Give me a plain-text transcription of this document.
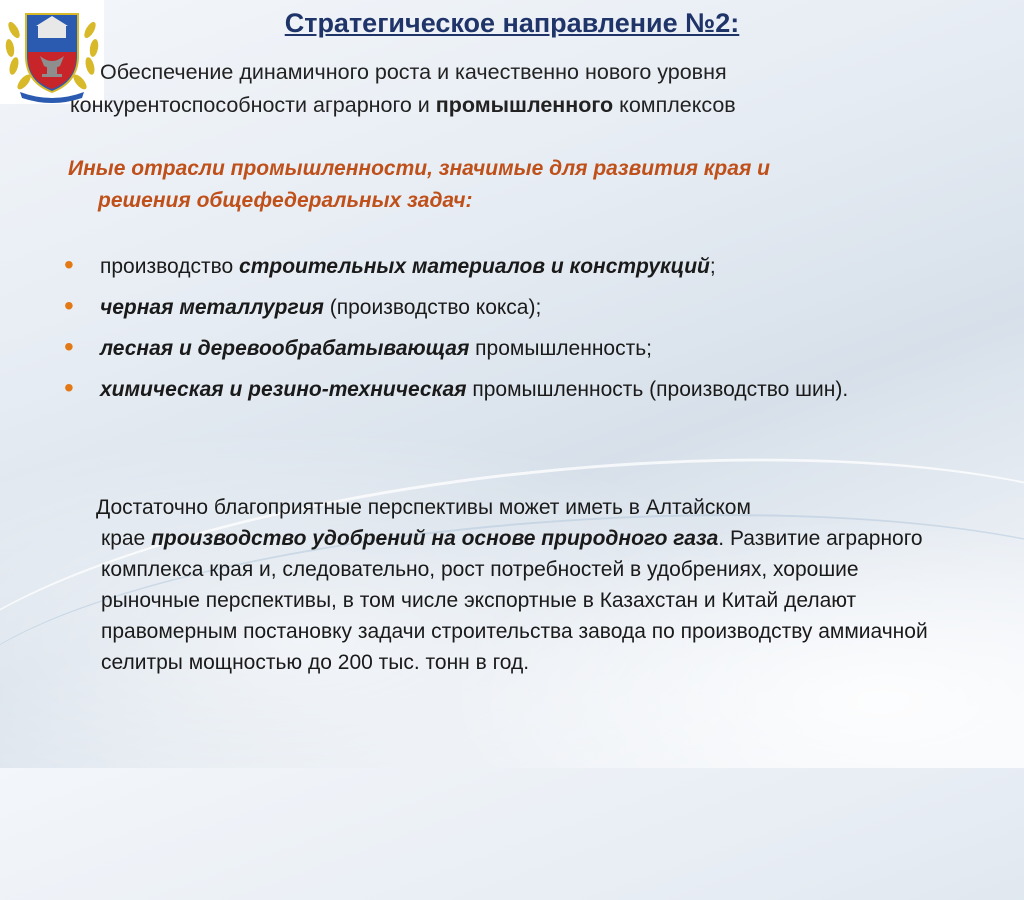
Стратегическое направление №2:
Обеспечение динамичного роста и качественно нового уровня
конкурентоспособности аграрного и промышленного комплексов
Иные отрасли промышленности, значимые для развития края и
решения общефедеральных задач:
• производство строительных материалов и конструкций;
• черная металлургия (производство кокса);
• лесная и деревообрабатывающая промышленность;
• химическая и резино-техническая промышленность (производство шин).
Достаточно благоприятные перспективы может иметь в Алтайском
крае производство удобрений на основе природного газа. Развитие аграрного комплекса края и, следовательно, рост потребностей в удобрениях, хорошие рыночные перспективы, в том числе экспортные в Казахстан и Китай делают правомерным постановку задачи строительства завода по производству аммиачной селитры мощностью до 200 тыс. тонн в год.
